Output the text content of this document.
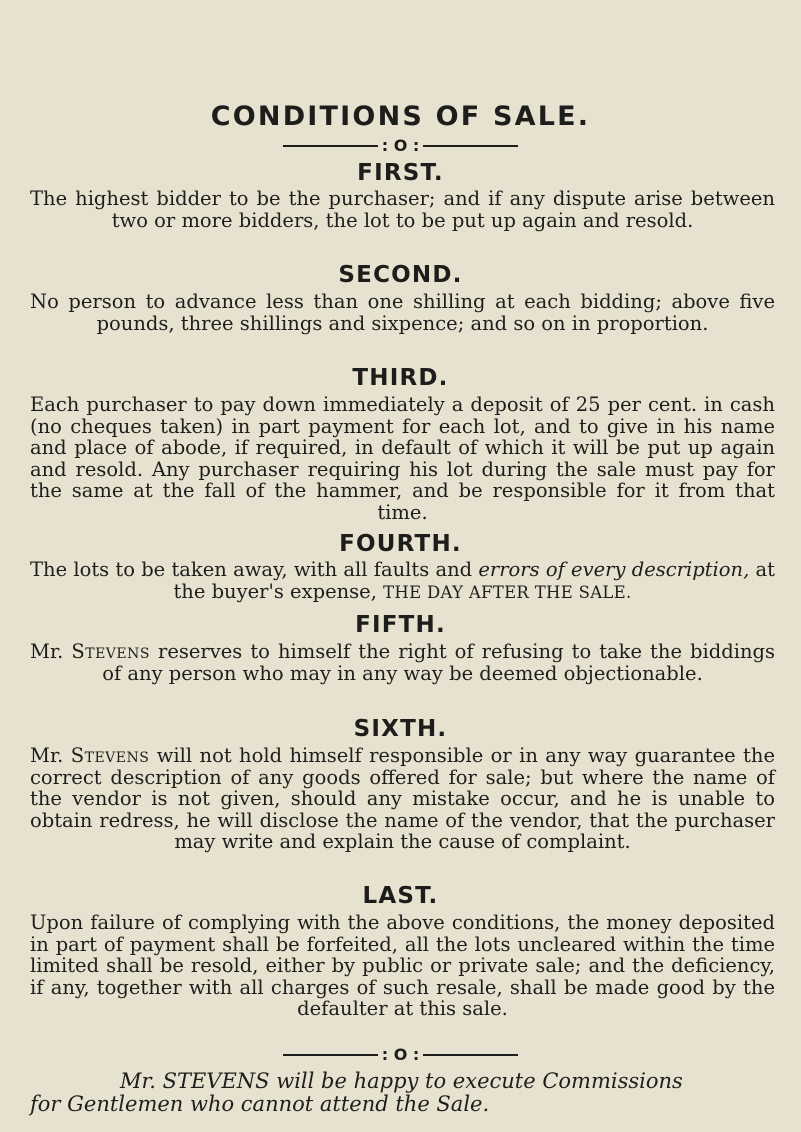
CONDITIONS OF SALE.
: O :
FIRST.

The highest bidder to be the purchaser; and if any dispute arise between two or more bidders, the lot to be put up again and resold.

SECOND.

No person to advance less than one shilling at each bidding; above five pounds, three shillings and sixpence; and so on in proportion.

THIRD.

Each purchaser to pay down immediately a deposit of 25 per cent. in cash (no cheques taken) in part payment for each lot, and to give in his name and place of abode, if required, in default of which it will be put up again and resold. Any purchaser requiring his lot during the sale must pay for the same at the fall of the hammer, and be responsible for it from that time.

FOURTH.

The lots to be taken away, with all faults and errors of every description, at the buyer's expense, THE DAY AFTER THE SALE.

FIFTH.

Mr. Stevens reserves to himself the right of refusing to take the biddings of any person who may in any way be deemed objectionable.

SIXTH.

Mr. Stevens will not hold himself responsible or in any way guarantee the correct description of any goods offered for sale; but where the name of the vendor is not given, should any mistake occur, and he is unable to obtain redress, he will disclose the name of the vendor, that the purchaser may write and explain the cause of complaint.

LAST.

Upon failure of complying with the above conditions, the money deposited in part of payment shall be forfeited, all the lots uncleared within the time limited shall be resold, either by public or private sale; and the deficiency, if any, together with all charges of such resale, shall be made good by the defaulter at this sale.

: O :

Mr. STEVENS will be happy to execute Commissions
for Gentlemen who cannot attend the Sale.
